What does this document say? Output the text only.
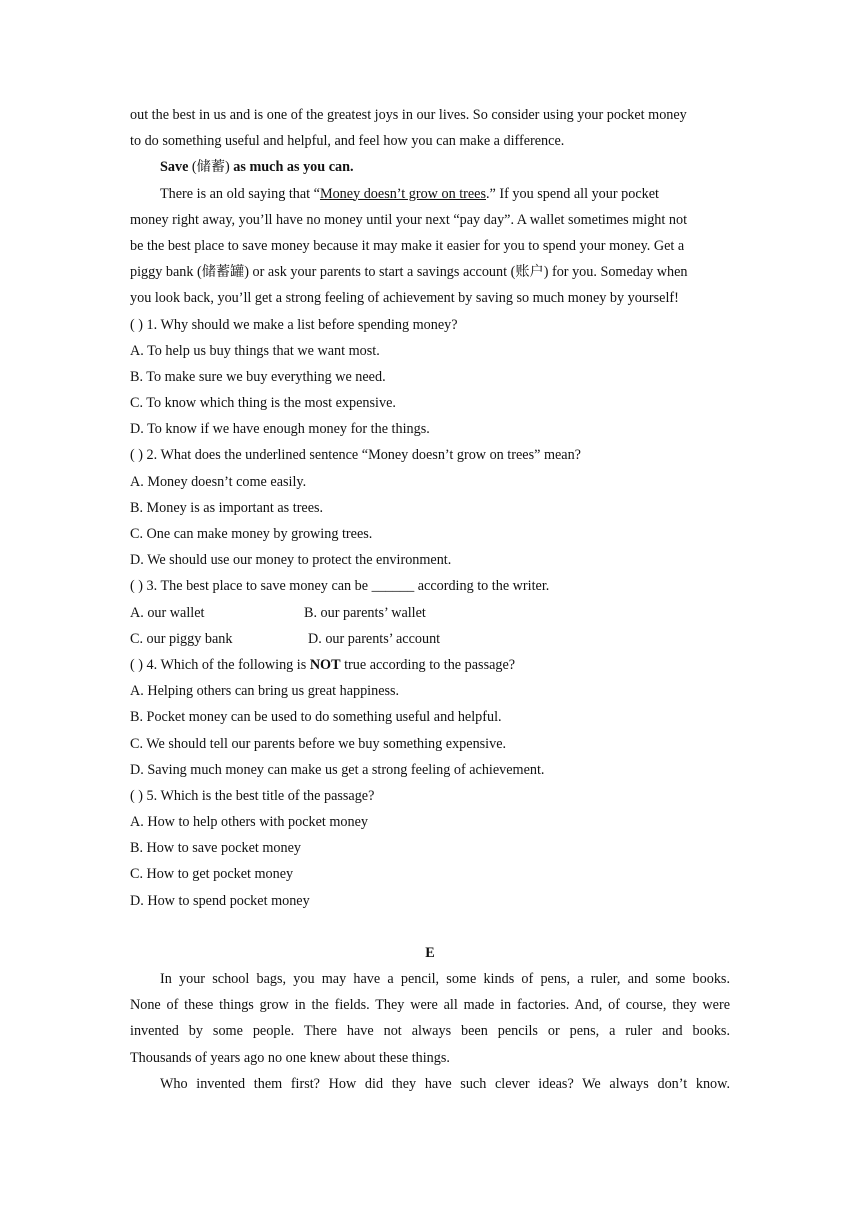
out the best in us and is one of the greatest joys in our lives. So consider using your pocket money
to do something useful and helpful, and feel how you can make a difference.
Save (储蓄) as much as you can.
There is an old saying that “Money doesn’t grow on trees.” If you spend all your pocket
money right away, you’ll have no money until your next “pay day”. A wallet sometimes might not
be the best place to save money because it may make it easier for you to spend your money. Get a
piggy bank (储蓄罐) or ask your parents to start a savings account (账户) for you. Someday when
you look back, you’ll get a strong feeling of achievement by saving so much money by yourself!
( ) 1. Why should we make a list before spending money?
A. To help us buy things that we want most.
B. To make sure we buy everything we need.
C. To know which thing is the most expensive.
D. To know if we have enough money for the things.
( ) 2. What does the underlined sentence “Money doesn’t grow on trees” mean?
A. Money doesn’t come easily.
B. Money is as important as trees.
C. One can make money by growing trees.
D. We should use our money to protect the environment.
( ) 3. The best place to save money can be ______ according to the writer.
A. our wallet	B. our parents’ wallet
C. our piggy bank	D. our parents’ account
( ) 4. Which of the following is NOT true according to the passage?
A. Helping others can bring us great happiness.
B. Pocket money can be used to do something useful and helpful.
C. We should tell our parents before we buy something expensive.
D. Saving much money can make us get a strong feeling of achievement.
( ) 5. Which is the best title of the passage?
A. How to help others with pocket money
B. How to save pocket money
C. How to get pocket money
D. How to spend pocket money
E
In your school bags, you may have a pencil, some kinds of pens, a ruler, and some books.
None of these things grow in the fields. They were all made in factories. And, of course, they were
invented by some people. There have not always been pencils or pens, a ruler and books.
Thousands of years ago no one knew about these things.
Who invented them first? How did they have such clever ideas? We always don’t know.
